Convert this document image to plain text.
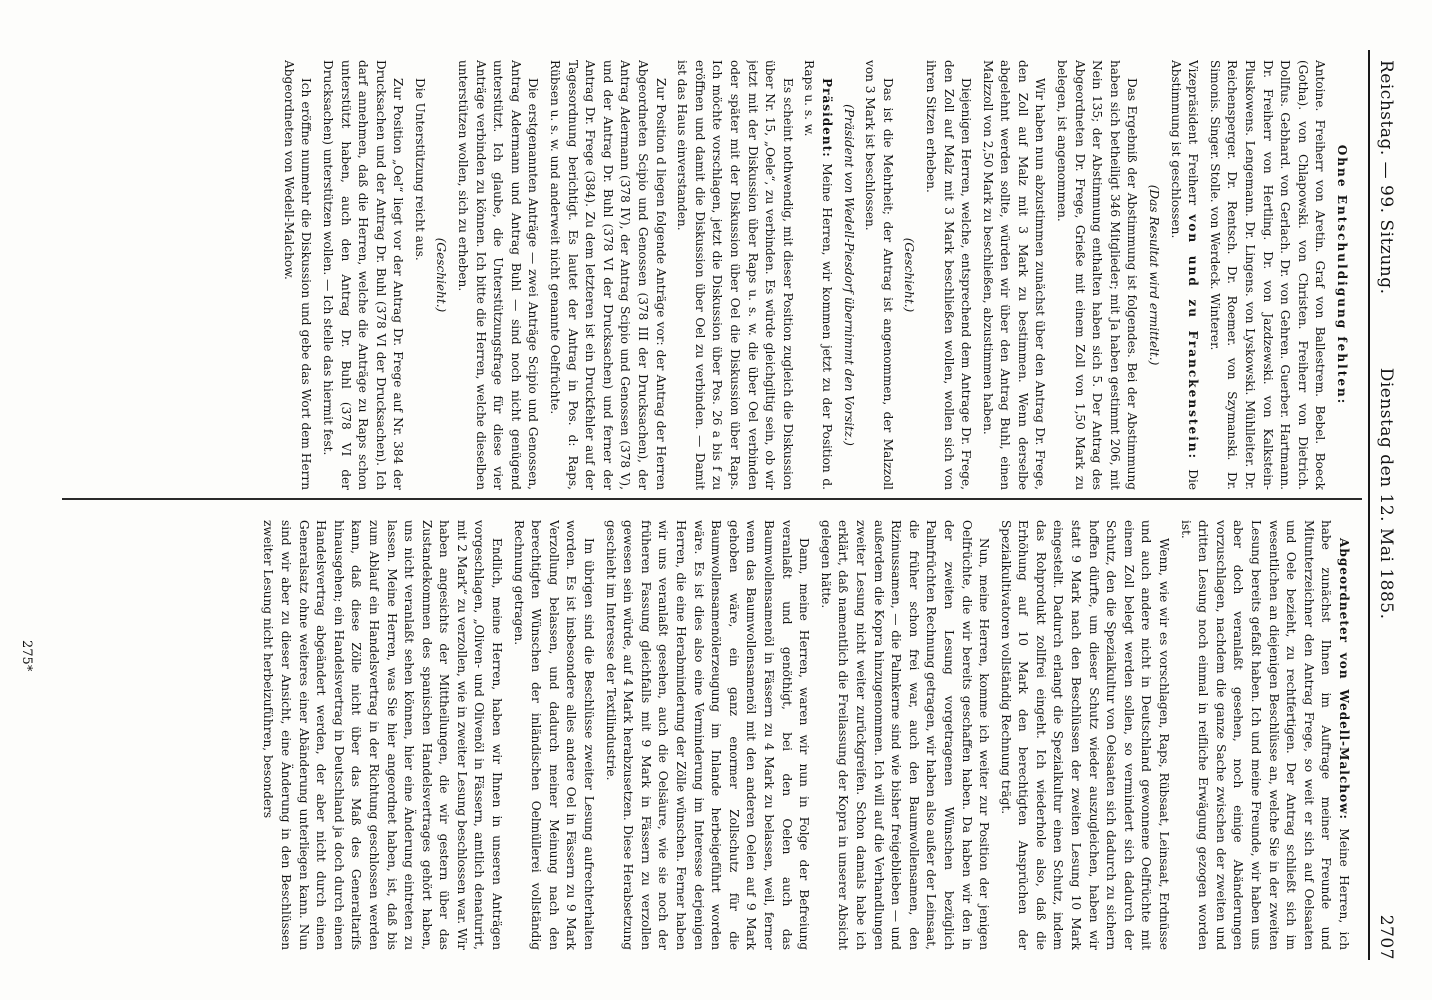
Reichstag. — 99. Sitzung.
Dienstag den 12. Mai 1885.                                                  2707

Ohne Entschuldigung fehlten:

Antoine. Freiherr von Aretin. Graf von Ballestrem. Bebel. Boeck (Gotha). von Chlapowski. von Christen. Freiherr von Dietrich. Dollfus. Gebhard. von Gerlach. Dr. von Gehren. Guerber. Hartmann. Dr. Freiherr von Hertling. Dr. von Jazdzewski. von Kalkstein-Pluskowens. Lengemann. Dr. Lingens. von Lyskowski. Mühlleiter. Dr. Reichensperger. Dr. Rentsch. Dr. Roemer. von Szymanski. Dr. Simonis. Singer. Stolle. von Werdeck. Winterer.

Vizepräsident Freiherr von und zu Franckenstein: Die Abstimmung ist geschlossen.

(Das Resultat wird ermittelt.)

Das Ergebniß der Abstimmung ist folgendes. Bei der Abstimmung haben sich betheiligt 346 Mitglieder; mit Ja haben gestimmt 206, mit Nein 135; der Abstimmung enthalten haben sich 5. Der Antrag des Abgeordneten Dr. Frege, Grieße mit einem Zoll von 1,50 Mark zu belegen, ist angenommen.

Wir haben nun abzustimmen zunächst über den Antrag Dr. Frege, den Zoll auf Malz mit 3 Mark zu bestimmen. Wenn derselbe abgelehnt werden sollte, würden wir über den Antrag Buhl, einen Malzzoll von 2,50 Mark zu beschließen, abzustimmen haben.

Diejenigen Herren, welche, entsprechend dem Antrage Dr. Frege, den Zoll auf Malz mit 3 Mark beschließen wollen, wollen sich von ihren Sitzen erheben.

(Geschieht.)

Das ist die Mehrheit; der Antrag ist angenommen, der Malzzoll von 3 Mark ist beschlossen.

(Präsident von Wedell-Piesdorf übernimmt den Vorsitz.)

Präsident: Meine Herren, wir kommen jetzt zu der Position d. Raps u. s. w.

Es scheint nothwendig, mit dieser Position zugleich die Diskussion über Nr. 15, „Oele“, zu verbinden. Es würde gleichgiltig sein, ob wir jetzt mit der Diskussion über Raps u. s. w. die über Oel verbinden oder später mit der Diskussion über Oel die Diskussion über Raps. Ich möchte vorschlagen, jetzt die Diskussion über Pos. 26 a bis f zu eröffnen und damit die Diskussion über Oel zu verbinden. — Damit ist das Haus einverstanden.

Zur Position d liegen folgende Anträge vor: der Antrag der Herren Abgeordneten Scipio und Genossen (378 III der Drucksachen), der Antrag Adermann (378 IV), der Antrag Scipio und Genossen (378 V), und der Antrag Dr. Buhl (378 VI der Drucksachen) und ferner der Antrag Dr. Frege (384). Zu dem letzteren ist ein Druckfehler auf der Tagesordnung berichtigt. Es lautet der Antrag in Pos. d: Raps, Rübsen u. s. w. und anderweit nicht genannte Oelfrüchte.

Die erstgenannten Anträge — zwei Anträge Scipio und Genossen, Antrag Adermann und Antrag Buhl — sind noch nicht genügend unterstützt. Ich glaube, die Unterstützungsfrage für diese vier Anträge verbinden zu können. Ich bitte die Herren, welche dieselben unterstützen wollen, sich zu erheben.

(Geschieht.)

Die Unterstützung reicht aus.

Zur Position „Oel“ liegt vor der Antrag Dr. Frege auf Nr. 384 der Drucksachen und der Antrag Dr. Buhl (378 VI der Drucksachen). Ich darf annehmen, daß die Herren, welche die Anträge zu Raps schon unterstützt haben, auch den Antrag Dr. Buhl (378 VI der Drucksachen) unterstützen wollen. — Ich stelle das hiermit fest.

Ich eröffne nunmehr die Diskussion und gebe das Wort dem Herrn Abgeordneten von Wedell-Malchow.

Abgeordneter von Wedell-Malchow: Meine Herren, ich habe zunächst Ihnen im Auftrage meiner Freunde und Mitunterzeichner den Antrag Frege, so weit er sich auf Oelsaaten und Oele bezieht, zu rechtfertigen. Der Antrag schließt sich im wesentlichen an diejenigen Beschlüsse an, welche Sie in der zweiten Lesung bereits gefaßt haben. Ich und meine Freunde, wir haben uns aber doch veranlaßt gesehen, noch einige Abänderungen vorzuschlagen, nachdem die ganze Sache zwischen der zweiten und dritten Lesung noch einmal in reifliche Erwägung gezogen worden ist.

Wenn, wie wir es vorschlagen, Raps, Rübsaat, Leinsaat, Erdnüsse und auch andere nicht in Deutschland gewonnene Oelfrüchte mit einem Zoll belegt werden sollen, so vermindert sich dadurch der Schutz, den die Spezialkultur von Oelsaaten sich dadurch zu sichern hoffen dürfte, um dieser Schutz wieder auszugleichen, haben wir statt 9 Mark nach den Beschlüssen der zweiten Lesung 10 Mark eingestellt. Dadurch erlangt die Spezialkultur einen Schutz, indem das Rohprodukt zollfrei eingeht. Ich wiederhole also, daß die Erhöhung auf 10 Mark den berechtigten Ansprüchen der Spezialkultivatoren vollständig Rechnung trägt.

Nun, meine Herren, komme ich weiter zur Position der jenigen Oelfrüchte, die wir bereits geschaffen haben. Da haben wir den in der zweiten Lesung vorgetragenen Wünschen bezüglich Palmfrüchten Rechnung getragen, wir haben also außer der Leinsaat, die früher schon frei war, auch den Baumwollensamen, den Rizinussamen, — die Palmkerne sind wie bisher freigeblieben — und außerdem die Kopra hinzugenommen. Ich will auf die Verhandlungen zweiter Lesung nicht weiter zurückgreifen. Schon damals habe ich erklärt, daß namentlich die Freilassung der Kopra in unserer Absicht gelegen hätte.

Dann, meine Herren, waren wir nun in Folge der Befreiung veranlaßt und genöthigt, bei den Oelen auch das Baumwollensamenöl in Fässern zu 4 Mark zu belassen, weil, ferner wenn das Baumwollensamenöl mit den anderen Oelen auf 9 Mark gehoben wäre, ein ganz enormer Zollschutz für die Baumwollensamenölerzeugung im Inlande herbeigeführt worden wäre. Es ist dies also eine Verminderung im Interesse derjenigen Herren, die eine Herabminderung der Zölle wünschen. Ferner haben wir uns veranlaßt gesehen, auch die Oelsäure, wie sie noch der früheren Fassung gleichfalls mit 9 Mark in Fässern zu verzollen gewesen sein würde, auf 4 Mark herabzusetzen. Diese Herabsetzung geschieht im Interesse der Textilindustrie.

Im übrigen sind die Beschlüsse zweiter Lesung aufrechterhalten worden. Es ist insbesondere alles andere Oel in Fässern zu 9 Mark Verzollung belassen, und dadurch meiner Meinung nach den berechtigten Wünschen der inländischen Oelmüllerei vollständig Rechnung getragen.

Endlich, meine Herren, haben wir Ihnen in unseren Anträgen vorgeschlagen, „Oliven- und Olivenöl in Fässern, amtlich denaturirt, mit 2 Mark“ zu verzollen, wie in zweiter Lesung beschlossen war. Wir haben angesichts der Mittheilungen, die wir gestern über das Zustandekommen des spanischen Handelsvertrages gehört haben, uns nicht veranlaßt sehen können, hier eine Änderung eintreten zu lassen. Meine Herren, was Sie hier angeordnet haben, ist, daß bis zum Ablauf ein Handelsvertrag in der Richtung geschlossen werden kann, daß diese Zölle nicht über das Maß des Generaltarifs hinausgehen; ein Handelsvertrag in Deutschland ja doch durch einen Handelsvertrag abgeändert werden, der aber nicht durch einen Generalsatz ohne weiteres einer Abänderung unterliegen kann. Nun sind wir aber zu dieser Ansicht, eine Änderung in den Beschlüssen zweiter Lesung nicht herbeizuführen, besonders

275*
